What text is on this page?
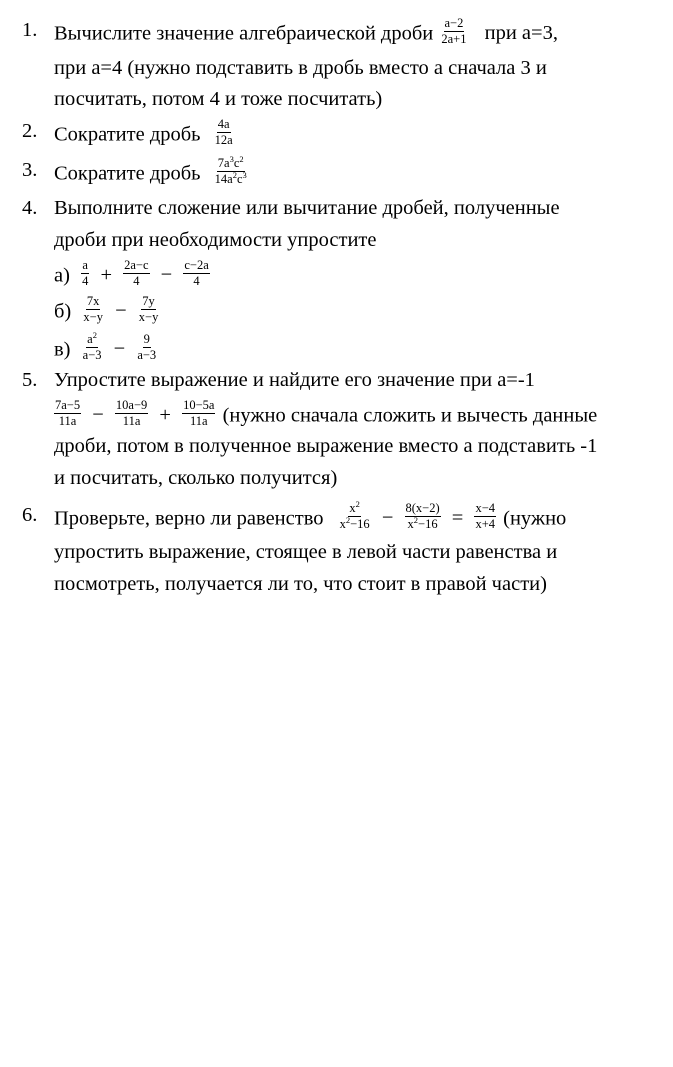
1. Вычислите значение алгебраической дроби $\frac{a-2}{2a+1}$ при а=3,
при а=4 (нужно подставить в дробь вместо а сначала 3 и
посчитать, потом 4 и тоже посчитать)
2. Сократите дробь $\frac{4a}{12a}$
3. Сократите дробь $\frac{7a^3c^2}{14a^2c^3}$
4. Выполните сложение или вычитание дробей, полученные
дроби при необходимости упростите
$а) \frac{a}{4} + \frac{2a-c}{4} - \frac{c-2a}{4}$
$б) \frac{7x}{x-y} - \frac{7y}{x-y}$
$в) \frac{a^2}{a-3} - \frac{9}{a-3}$
5. Упростите выражение и найдите его значение при а=-1
$\frac{7a-5}{11a} - \frac{10a-9}{11a} + \frac{10-5a}{11a}$ (нужно сначала сложить и вычесть данные
дроби, потом в полученное выражение вместо а подставить -1
и посчитать, сколько получится)
6. Проверьте, верно ли равенство $\frac{x^2}{x^2-16} - \frac{8(x-2)}{x^2-16} = \frac{x-4}{x+4}$ (нужно
упростить выражение, стоящее в левой части равенства и
посмотреть, получается ли то, что стоит в правой части)
